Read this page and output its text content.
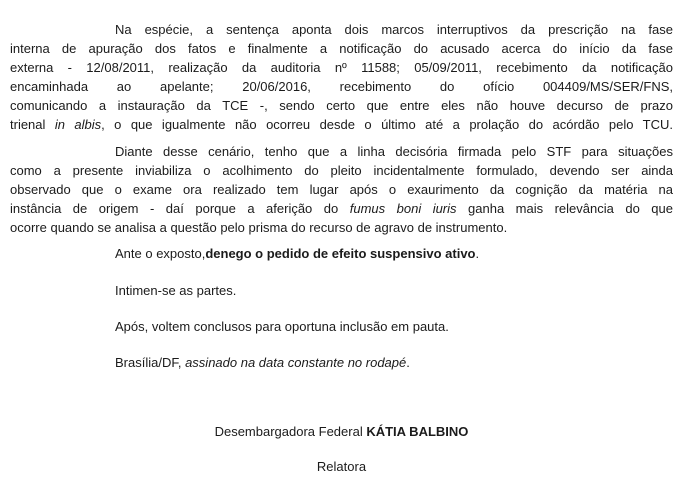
Na espécie, a sentença aponta dois marcos interruptivos da prescrição na fase
interna de apuração dos fatos e finalmente a notificação do acusado acerca do início da fase
externa - 12/08/2011, realização da auditoria nº 11588; 05/09/2011, recebimento da notificação
encaminhada ao apelante; 20/06/2016, recebimento do ofício 004409/MS/SER/FNS,
comunicando a instauração da TCE -, sendo certo que entre eles não houve decurso de prazo
trienal in albis, o que igualmente não ocorreu desde o último até a prolação do acórdão pelo TCU.
Diante desse cenário, tenho que a linha decisória firmada pelo STF para situações
como a presente inviabiliza o acolhimento do pleito incidentalmente formulado, devendo ser ainda
observado que o exame ora realizado tem lugar após o exaurimento da cognição da matéria na
instância de origem - daí porque a aferição do fumus boni iuris ganha mais relevância do que
ocorre quando se analisa a questão pelo prisma do recurso de agravo de instrumento.
Ante o exposto,denego o pedido de efeito suspensivo ativo.
Intimen-se as partes.
Após, voltem conclusos para oportuna inclusão em pauta.
Brasília/DF, assinado na data constante no rodapé.
Desembargadora Federal KÁTIA BALBINO
Relatora
